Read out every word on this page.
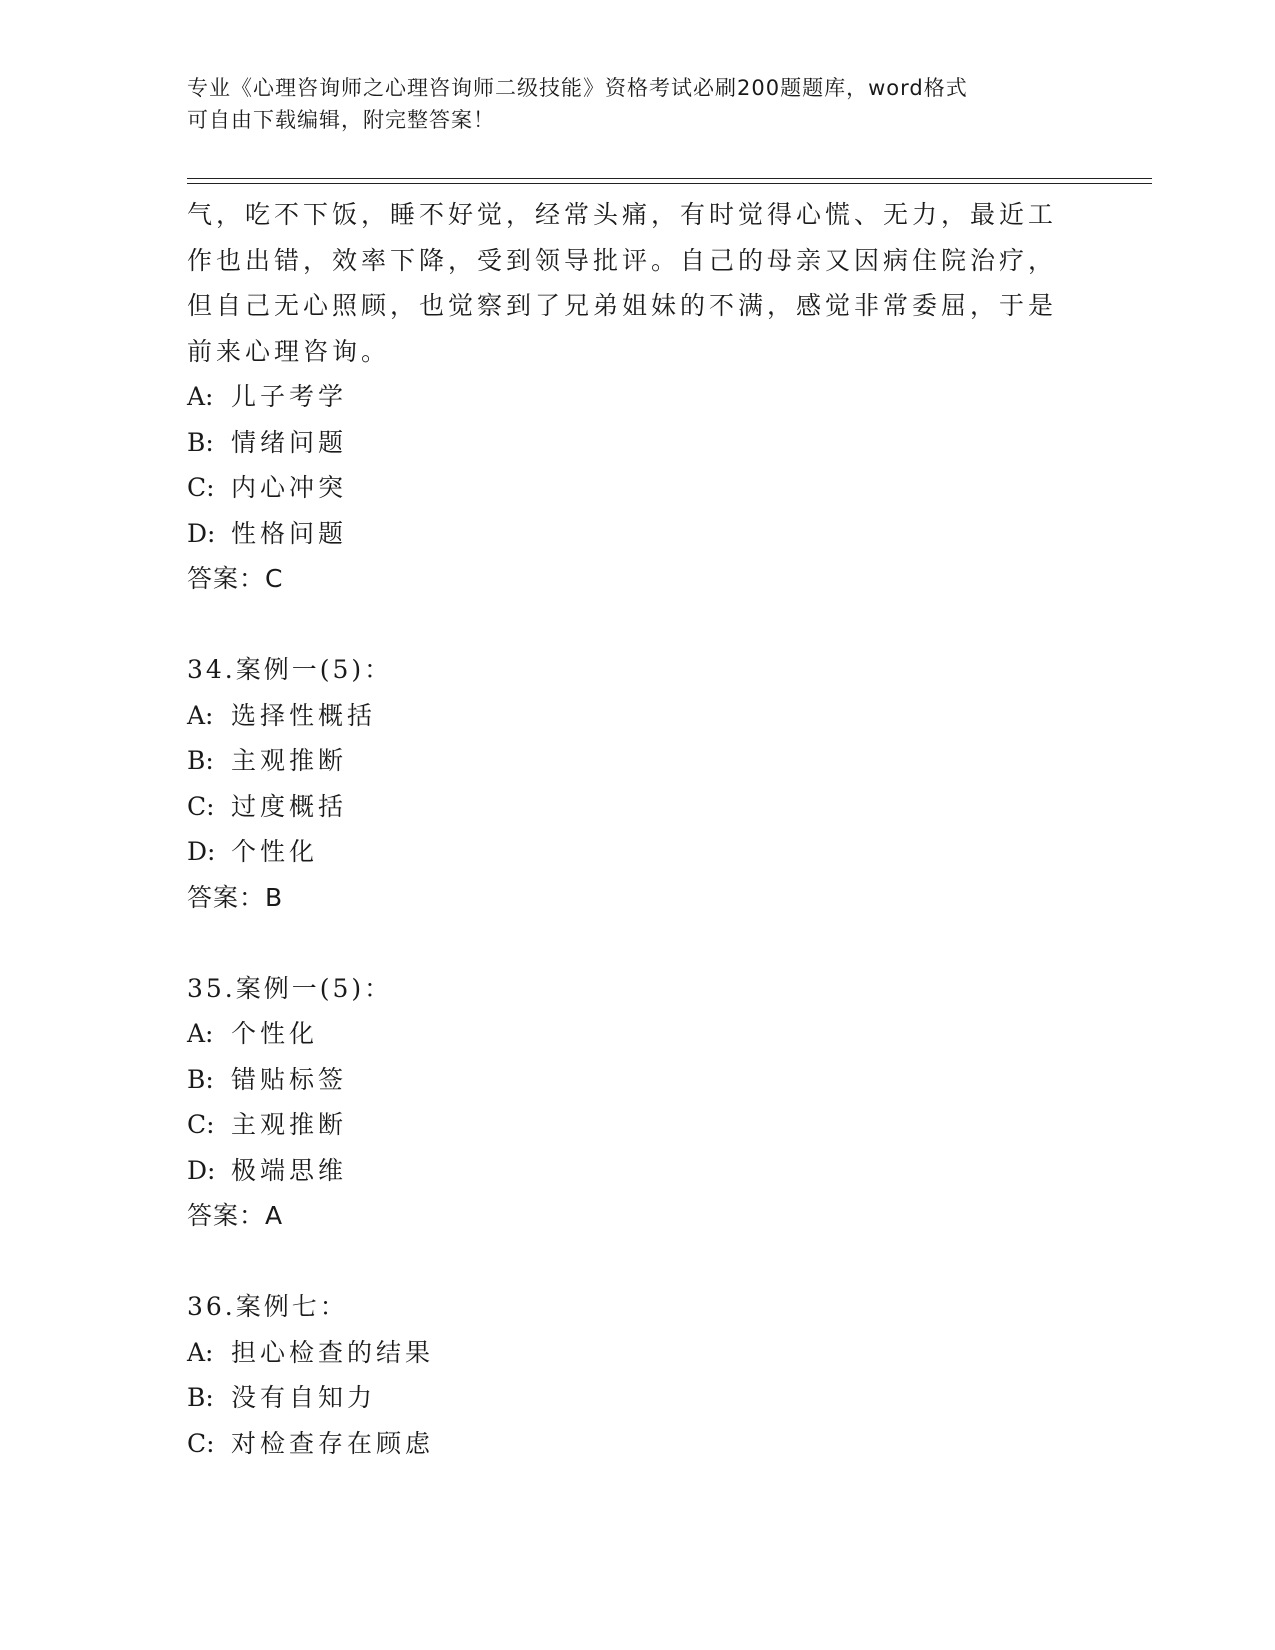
专业《心理咨询师之心理咨询师二级技能》资格考试必刷200题题库，word格式
可自由下载编辑，附完整答案！
气，吃不下饭，睡不好觉，经常头痛，有时觉得心慌、无力，最近工
作也出错，效率下降，受到领导批评。自己的母亲又因病住院治疗，
但自己无心照顾，也觉察到了兄弟姐妹的不满，感觉非常委屈，于是
前来心理咨询。
A: 儿子考学
B: 情绪问题
C: 内心冲突
D: 性格问题
答案：C
34.案例一(5)：
A: 选择性概括
B: 主观推断
C: 过度概括
D: 个性化
答案：B
35.案例一(5)：
A: 个性化
B: 错贴标签
C: 主观推断
D: 极端思维
答案：A
36.案例七：
A: 担心检查的结果
B: 没有自知力
C: 对检查存在顾虑
